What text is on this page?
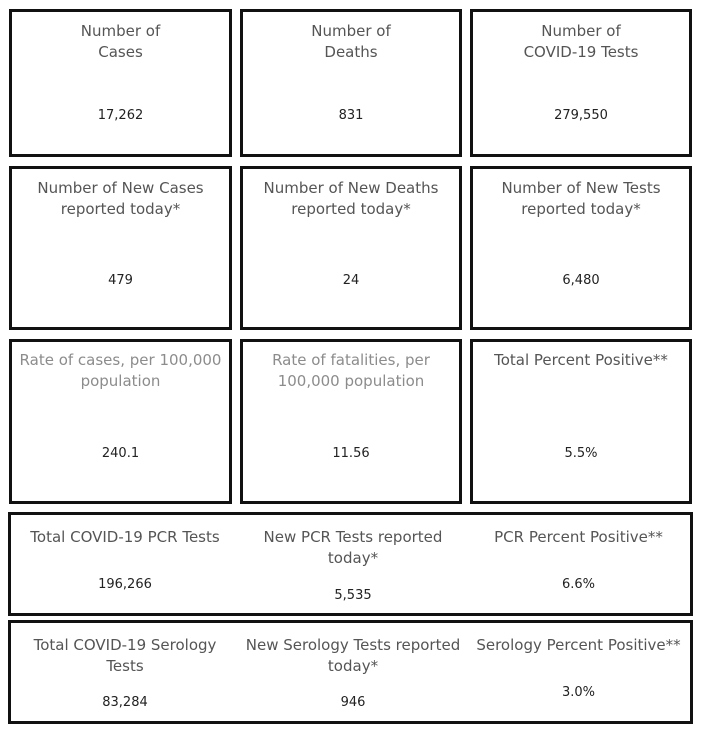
Number of
Cases
17,262
Number of
Deaths
831
Number of
COVID-19 Tests
279,550
Number of New Cases
reported today*
479
Number of New Deaths
reported today*
24
Number of New Tests
reported today*
6,480
Rate of cases, per 100,000
population
240.1
Rate of fatalities, per
100,000 population
11.56
Total Percent Positive**
5.5%
Total COVID-19 PCR Tests
196,266
New PCR Tests reported
today*
5,535
PCR Percent Positive**
6.6%
Total COVID-19 Serology
Tests
83,284
New Serology Tests reported
today*
946
Serology Percent Positive**
3.0%
